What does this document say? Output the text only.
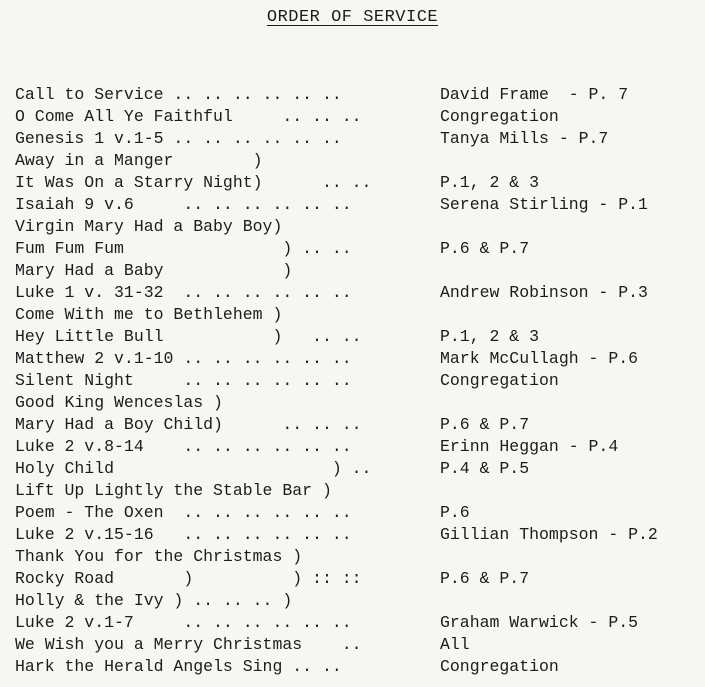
ORDER OF SERVICE
Call to Service .. .. .. .. .. ..
O Come All Ye Faithful     .. .. ..
Genesis 1 v.1-5 .. .. .. .. .. ..
Away in a Manger        )
It Was On a Starry Night)      .. ..
Isaiah 9 v.6     .. .. .. .. .. ..
Virgin Mary Had a Baby Boy)
Fum Fum Fum                ) .. ..
Mary Had a Baby            )
Luke 1 v. 31-32  .. .. .. .. .. ..
Come With me to Bethlehem )
Hey Little Bull           )   .. ..
Matthew 2 v.1-10 .. .. .. .. .. ..
Silent Night     .. .. .. .. .. ..
Good King Wenceslas )
Mary Had a Boy Child)      .. .. ..
Luke 2 v.8-14    .. .. .. .. .. ..
Holy Child                      ) ..
Lift Up Lightly the Stable Bar )
Poem - The Oxen  .. .. .. .. .. ..
Luke 2 v.15-16   .. .. .. .. .. ..
Thank You for the Christmas )
Rocky Road       )          ) :: ::
Holly & the Ivy ) .. .. .. )
Luke 2 v.1-7     .. .. .. .. .. ..
We Wish you a Merry Christmas    ..
Hark the Herald Angels Sing .. ..
David Frame  - P. 7
Congregation
Tanya Mills - P.7
P.1, 2 & 3
Serena Stirling - P.1
P.6 & P.7
Andrew Robinson - P.3
P.1, 2 & 3
Mark McCullagh - P.6
Congregation
P.6 & P.7
Erinn Heggan - P.4
P.4 & P.5
P.6
Gillian Thompson - P.2
P.6 & P.7
Graham Warwick - P.5
All
Congregation
